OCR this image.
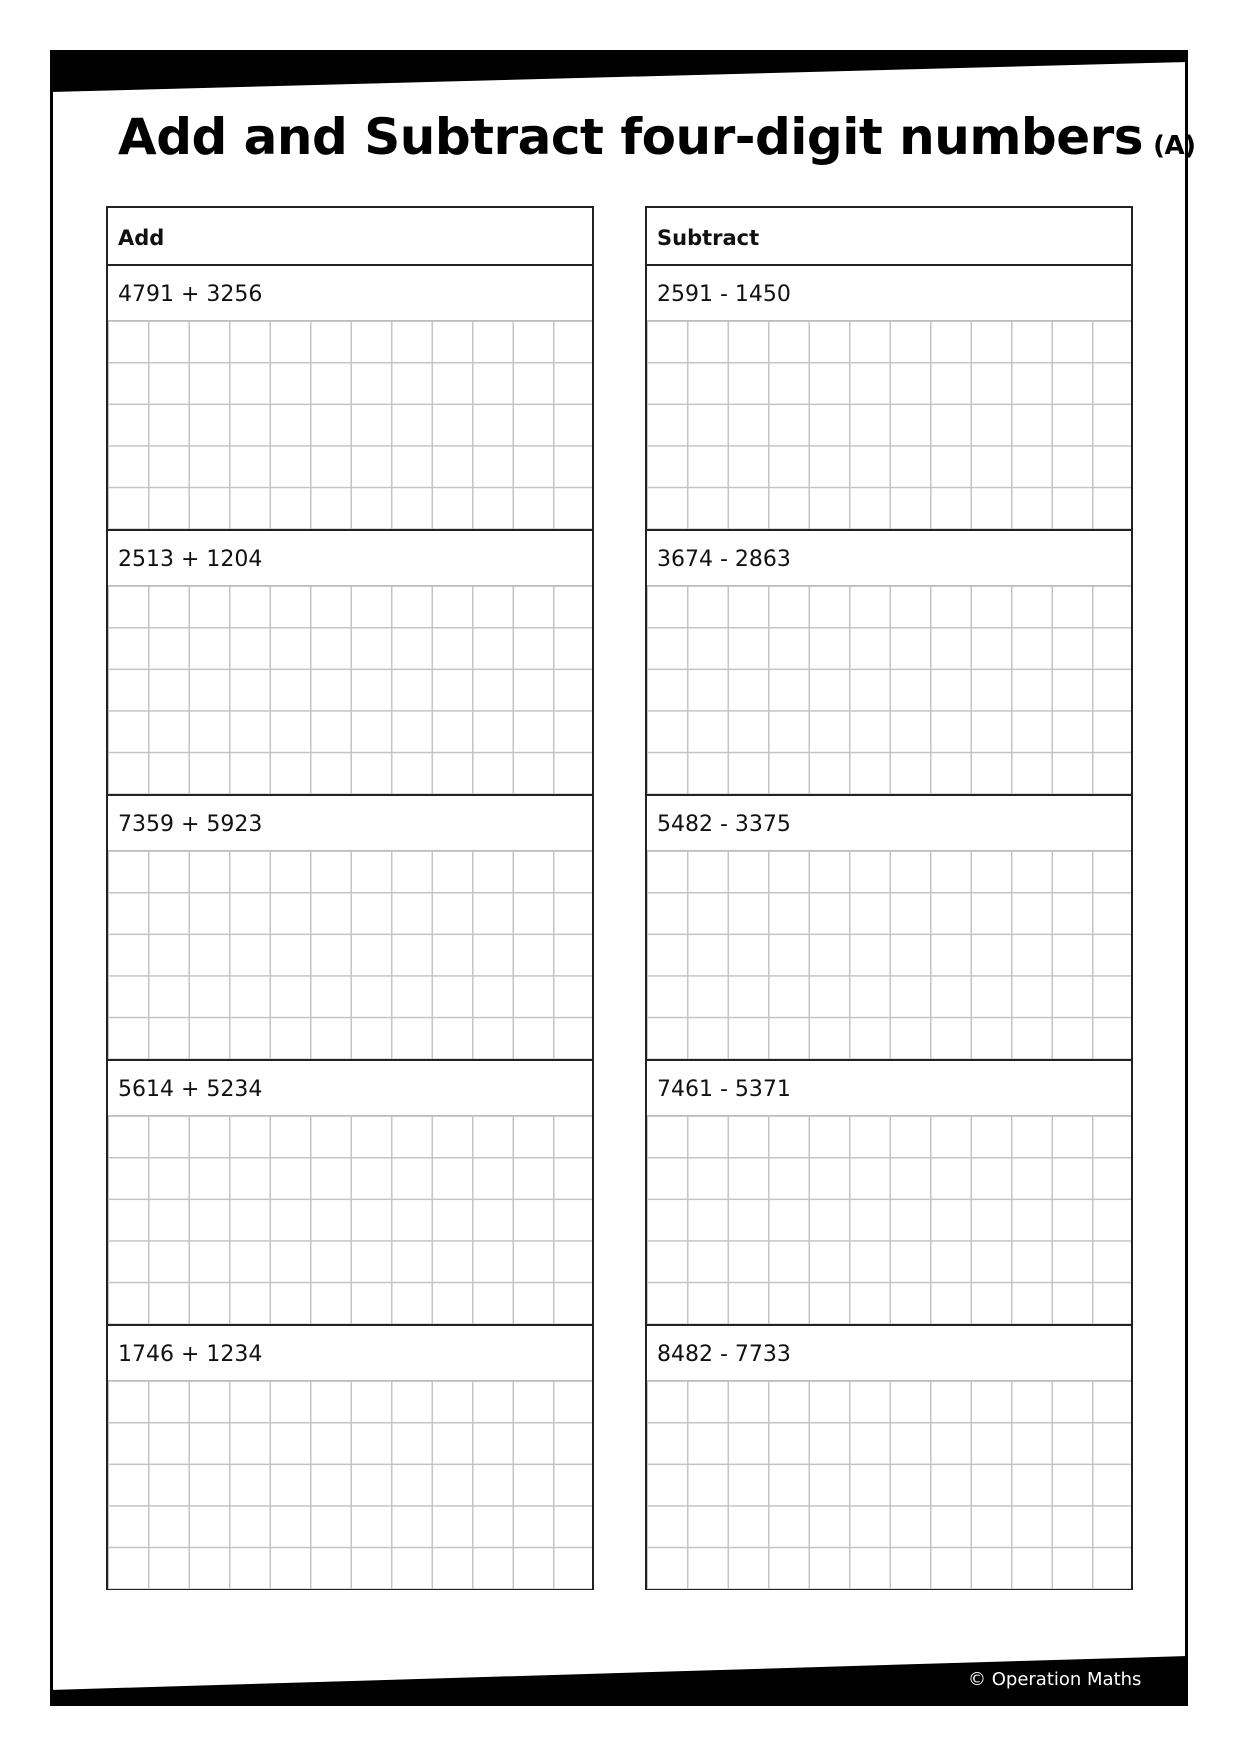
Add and Subtract four-digit numbers (A)
Add
4791 + 3256
2513 + 1204
7359 + 5923
5614 + 5234
1746 + 1234
Subtract
2591 - 1450
3674 - 2863
5482 - 3375
7461 - 5371
8482 - 7733
© Operation Maths
